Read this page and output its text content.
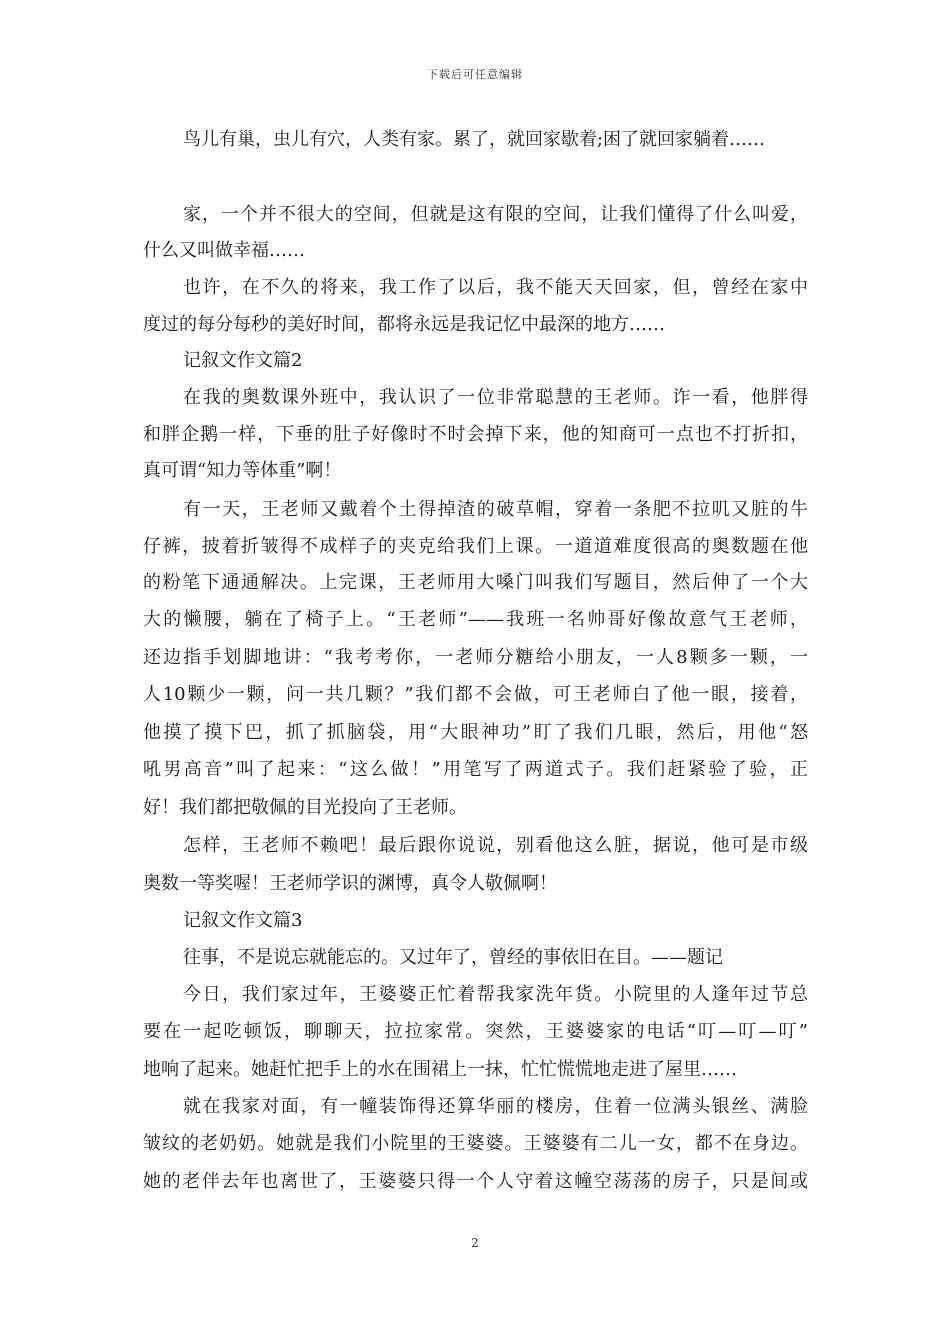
下载后可任意编辑
鸟儿有巢，虫儿有穴，人类有家。累了，就回家歇着;困了就回家躺着……
家，一个并不很大的空间，但就是这有限的空间，让我们懂得了什么叫爱，
什么又叫做幸福……
也许，在不久的将来，我工作了以后，我不能天天回家，但，曾经在家中
度过的每分每秒的美好时间，都将永远是我记忆中最深的地方……
记叙文作文篇2
在我的奥数课外班中，我认识了一位非常聪慧的王老师。诈一看，他胖得
和胖企鹅一样，下垂的肚子好像时不时会掉下来，他的知商可一点也不打折扣，
真可谓“知力等体重”啊！
有一天，王老师又戴着个土得掉渣的破草帽，穿着一条肥不拉叽又脏的牛
仔裤，披着折皱得不成样子的夹克给我们上课。一道道难度很高的奥数题在他
的粉笔下通通解决。上完课，王老师用大嗓门叫我们写题目，然后伸了一个大
大的懒腰，躺在了椅子上。“王老师”——我班一名帅哥好像故意气王老师，
还边指手划脚地讲：“我考考你，一老师分糖给小朋友，一人8颗多一颗，一
人10颗少一颗，问一共几颗？”我们都不会做，可王老师白了他一眼，接着，
他摸了摸下巴，抓了抓脑袋，用“大眼神功”盯了我们几眼，然后，用他“怒
吼男高音”叫了起来：“这么做！”用笔写了两道式子。我们赶紧验了验，正
好！我们都把敬佩的目光投向了王老师。
怎样，王老师不赖吧！最后跟你说说，别看他这么脏，据说，他可是市级
奥数一等奖喔！王老师学识的渊博，真令人敬佩啊！
记叙文作文篇3
往事，不是说忘就能忘的。又过年了，曾经的事依旧在目。——题记
今日，我们家过年，王婆婆正忙着帮我家洗年货。小院里的人逢年过节总
要在一起吃顿饭，聊聊天，拉拉家常。突然，王婆婆家的电话“叮—叮—叮”
地响了起来。她赶忙把手上的水在围裙上一抹，忙忙慌慌地走进了屋里……
就在我家对面，有一幢装饰得还算华丽的楼房，住着一位满头银丝、满脸
皱纹的老奶奶。她就是我们小院里的王婆婆。王婆婆有二儿一女，都不在身边。
她的老伴去年也离世了，王婆婆只得一个人守着这幢空荡荡的房子，只是间或
2
